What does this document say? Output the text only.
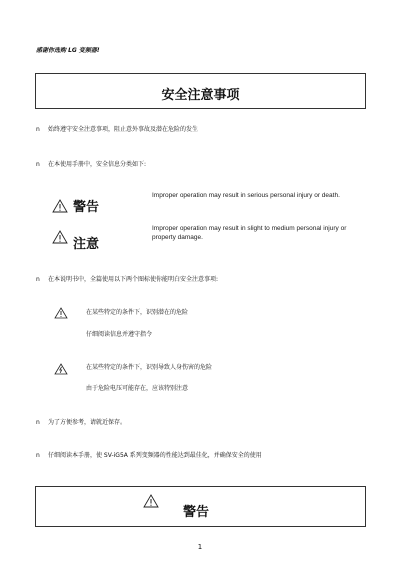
感谢你选购 LG 变频器!
安全注意事项
n 始终遵守安全注意事项，阻止意外事故及潜在危险的发生
n 在本使用手册中，安全信息分类如下:
警告
Improper operation may result in serious personal injury or death.
注意
Improper operation may result in slight to medium personal injury or property damage.
n 在本说明书中，全篇使用以下两个图标使你能明白安全注意事项:
在某些特定的条件下，识别潜在的危险
仔细阅读信息并遵守指令
在某些特定的条件下，识别导致人身伤害的危险
由于危险电压可能存在，应该特别注意
n 为了方便参考，请就近保存。
n 仔细阅读本手册，使 SV-iG5A 系列变频器的性能达到最佳化，并确保安全的使用
警告
1
